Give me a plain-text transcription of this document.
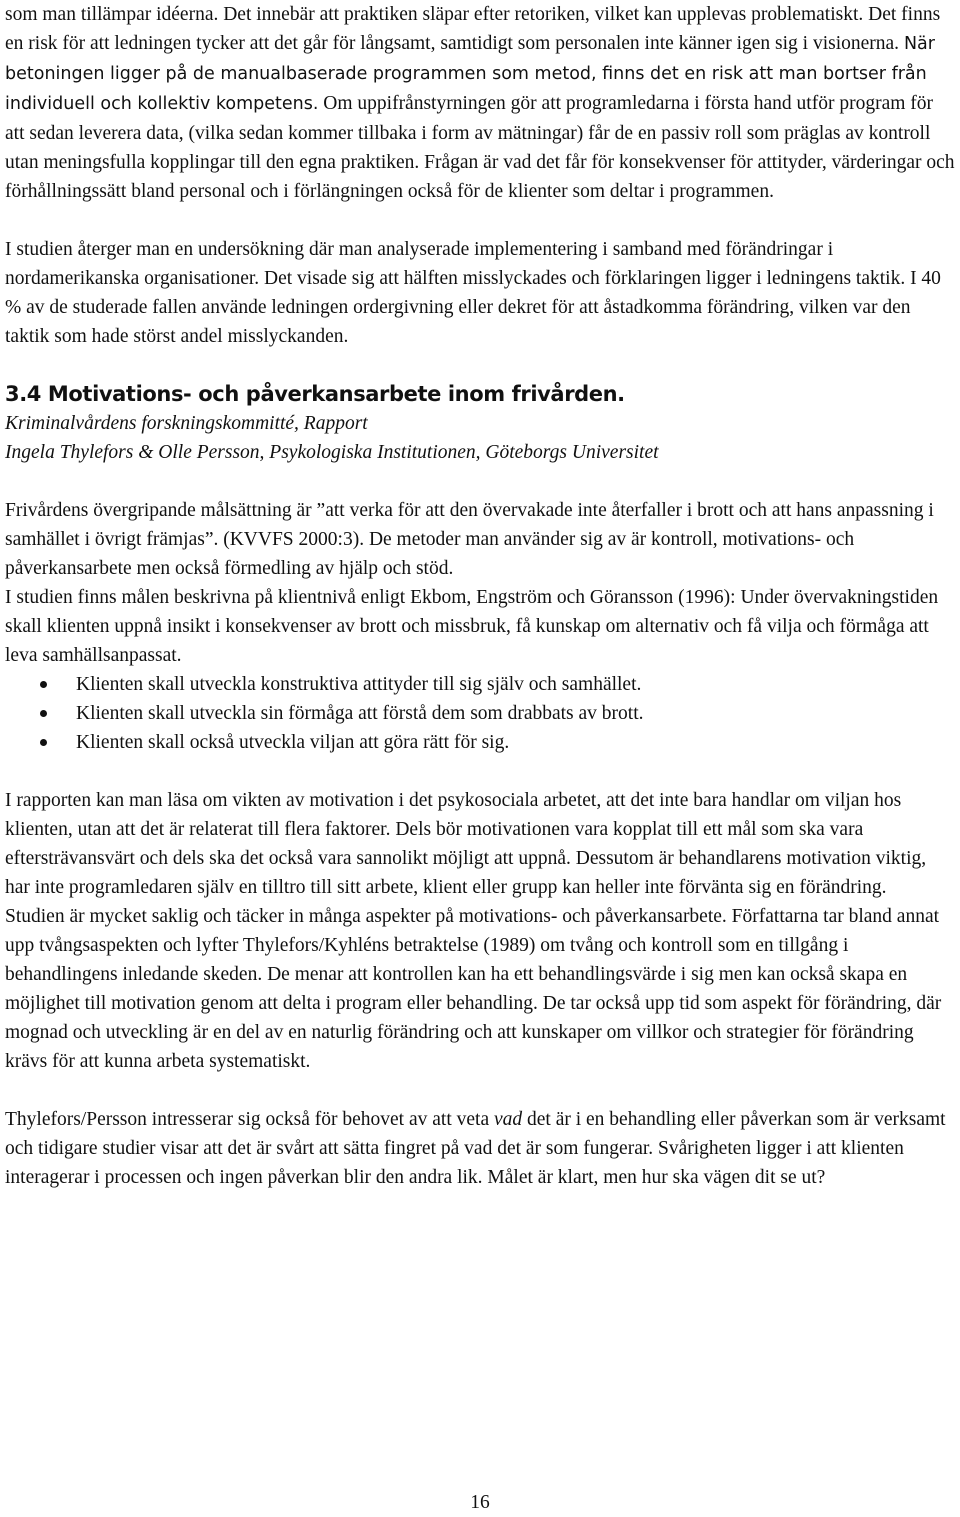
som man tillämpar idéerna. Det innebär att praktiken släpar efter retoriken, vilket kan upplevas problematiskt. Det finns en risk för att ledningen tycker att det går för långsamt, samtidigt som personalen inte känner igen sig i visionerna. När betoningen ligger på de manualbaserade programmen som metod, finns det en risk att man bortser från individuell och kollektiv kompetens. Om uppifrånstyrningen gör att programledarna i första hand utför program för att sedan leverera data, (vilka sedan kommer tillbaka i form av mätningar) får de en passiv roll som präglas av kontroll utan meningsfulla kopplingar till den egna praktiken. Frågan är vad det får för konsekvenser för attityder, värderingar och förhållningssätt bland personal och i förlängningen också för de klienter som deltar i programmen.

I studien återger man en undersökning där man analyserade implementering i samband med förändringar i nordamerikanska organisationer. Det visade sig att hälften misslyckades och förklaringen ligger i ledningens taktik. I 40 % av de studerade fallen använde ledningen ordergivning eller dekret för att åstadkomma förändring, vilken var den taktik som hade störst andel misslyckanden.

3.4 Motivations- och påverkansarbete inom frivården.

Kriminalvårdens forskningskommitté, Rapport

Ingela Thylefors & Olle Persson, Psykologiska Institutionen, Göteborgs Universitet

Frivårdens övergripande målsättning är ”att verka för att den övervakade inte återfaller i brott och att hans anpassning i samhället i övrigt främjas”. (KVVFS 2000:3). De metoder man använder sig av är kontroll, motivations- och påverkansarbete men också förmedling av hjälp och stöd.

I studien finns målen beskrivna på klientnivå enligt Ekbom, Engström och Göransson (1996): Under övervakningstiden skall klienten uppnå insikt i konsekvenser av brott och missbruk, få kunskap om alternativ och få vilja och förmåga att leva samhällsanpassat.

Klienten skall utveckla konstruktiva attityder till sig själv och samhället.
Klienten skall utveckla sin förmåga att förstå dem som drabbats av brott.
Klienten skall också utveckla viljan att göra rätt för sig.

I rapporten kan man läsa om vikten av motivation i det psykosociala arbetet, att det inte bara handlar om viljan hos klienten, utan att det är relaterat till flera faktorer. Dels bör motivationen vara kopplat till ett mål som ska vara eftersträvansvärt och dels ska det också vara sannolikt möjligt att uppnå. Dessutom är behandlarens motivation viktig, har inte programledaren själv en tilltro till sitt arbete, klient eller grupp kan heller inte förvänta sig en förändring.

Studien är mycket saklig och täcker in många aspekter på motivations- och påverkansarbete. Författarna tar bland annat upp tvångsaspekten och lyfter Thylefors/Kyhléns betraktelse (1989) om tvång och kontroll som en tillgång i behandlingens inledande skeden. De menar att kontrollen kan ha ett behandlingsvärde i sig men kan också skapa en möjlighet till motivation genom att delta i program eller behandling. De tar också upp tid som aspekt för förändring, där mognad och utveckling är en del av en naturlig förändring och att kunskaper om villkor och strategier för förändring krävs för att kunna arbeta systematiskt.

Thylefors/Persson intresserar sig också för behovet av att veta vad det är i en behandling eller påverkan som är verksamt och tidigare studier visar att det är svårt att sätta fingret på vad det är som fungerar. Svårigheten ligger i att klienten interagerar i processen och ingen påverkan blir den andra lik. Målet är klart, men hur ska vägen dit se ut?

16
